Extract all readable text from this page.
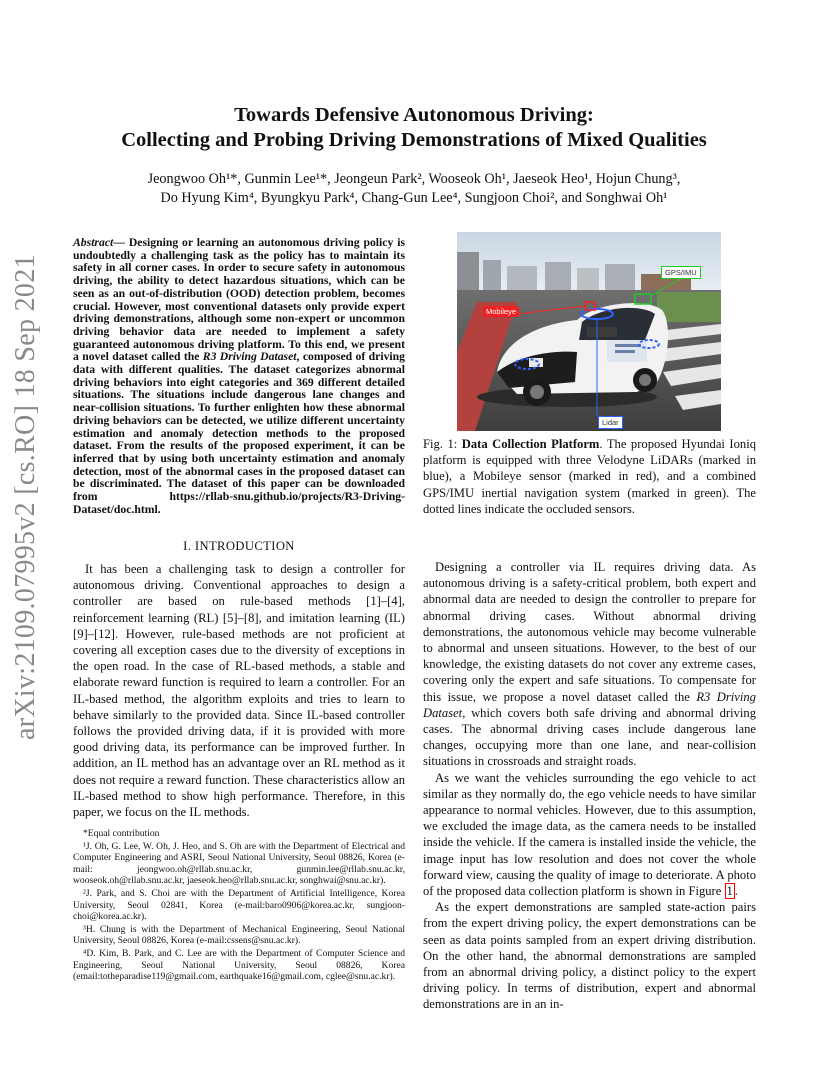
arXiv:2109.07995v2 [cs.RO] 18 Sep 2021
Towards Defensive Autonomous Driving:
Collecting and Probing Driving Demonstrations of Mixed Qualities
Jeongwoo Oh¹*, Gunmin Lee¹*, Jeongeun Park², Wooseok Oh¹, Jaeseok Heo¹, Hojun Chung³,
Do Hyung Kim⁴, Byungkyu Park⁴, Chang-Gun Lee⁴, Sungjoon Choi², and Songhwai Oh¹
Abstract— Designing or learning an autonomous driving policy is undoubtedly a challenging task as the policy has to maintain its safety in all corner cases. In order to secure safety in autonomous driving, the ability to detect hazardous situations, which can be seen as an out-of-distribution (OOD) detection problem, becomes crucial. However, most conventional datasets only provide expert driving demonstrations, although some non-expert or uncommon driving behavior data are needed to implement a safety guaranteed autonomous driving platform. To this end, we present a novel dataset called the R3 Driving Dataset, composed of driving data with different qualities. The dataset categorizes abnormal driving behaviors into eight categories and 369 different detailed situations. The situations include dangerous lane changes and near-collision situations. To further enlighten how these abnormal driving behaviors can be detected, we utilize different uncertainty estimation and anomaly detection methods to the proposed dataset. From the results of the proposed experiment, it can be inferred that by using both uncertainty estimation and anomaly detection, most of the abnormal cases in the proposed dataset can be discriminated. The dataset of this paper can be downloaded from https://rllab-snu.github.io/projects/R3-Driving-Dataset/doc.html.
I. INTRODUCTION

It has been a challenging task to design a controller for autonomous driving. Conventional approaches to design a controller are based on rule-based methods [1]–[4], reinforcement learning (RL) [5]–[8], and imitation learning (IL) [9]–[12]. However, rule-based methods are not proficient at covering all exception cases due to the diversity of exceptions in the open road. In the case of RL-based methods, a stable and elaborate reward function is required to learn a controller. For an IL-based method, the algorithm exploits and tries to learn to behave similarly to the provided data. Since IL-based controller follows the provided driving data, if it is provided with more good driving data, its performance can be improved further. In addition, an IL method has an advantage over an RL method as it does not require a reward function. These characteristics allow an IL-based method to show high performance. Therefore, in this paper, we focus on the IL methods.

*Equal contribution

¹J. Oh, G. Lee, W. Oh, J. Heo, and S. Oh are with the Department of Electrical and Computer Engineering and ASRI, Seoul National University, Seoul 08826, Korea (e-mail: jeongwoo.oh@rllab.snu.ac.kr, gunmin.lee@rllab.snu.ac.kr, wooseok.oh@rllab.snu.ac.kr, jaeseok.heo@rllab.snu.ac.kr, songhwai@snu.ac.kr).

²J. Park, and S. Choi are with the Department of Artificial Intelligence, Korea University, Seoul 02841, Korea (e-mail:baro0906@korea.ac.kr, sungjoon-choi@korea.ac.kr).

³H. Chung is with the Department of Mechanical Engineering, Seoul National University, Seoul 08826, Korea (e-mail:cssens@snu.ac.kr).

⁴D. Kim, B. Park, and C. Lee are with the Department of Computer Science and Engineering, Seoul National University, Seoul 08826, Korea (email:totheparadise119@gmail.com, earthquake16@gmail.com, cglee@snu.ac.kr).

GPS/IMU
Mobileye
Lidar
Fig. 1: Data Collection Platform. The proposed Hyundai Ioniq platform is equipped with three Velodyne LiDARs (marked in blue), a Mobileye sensor (marked in red), and a combined GPS/IMU inertial navigation system (marked in green). The dotted lines indicate the occluded sensors.

Designing a controller via IL requires driving data. As autonomous driving is a safety-critical problem, both expert and abnormal data are needed to design the controller to prepare for abnormal driving cases. Without abnormal driving demonstrations, the autonomous vehicle may become vulnerable to abnormal and unseen situations. However, to the best of our knowledge, the existing datasets do not cover any extreme cases, covering only the expert and safe situations. To compensate for this issue, we propose a novel dataset called the R3 Driving Dataset, which covers both safe driving and abnormal driving cases. The abnormal driving cases include dangerous lane changes, occupying more than one lane, and near-collision situations in crossroads and straight roads.

As we want the vehicles surrounding the ego vehicle to act similar as they normally do, the ego vehicle needs to have similar appearance to normal vehicles. However, due to this assumption, we excluded the image data, as the camera needs to be installed inside the vehicle. If the camera is installed inside the vehicle, the image input has low resolution and does not cover the whole forward view, causing the quality of image to deteriorate. A photo of the proposed data collection platform is shown in Figure 1 .

As the expert demonstrations are sampled state-action pairs from the expert driving policy, the expert demonstrations can be seen as data points sampled from an expert driving distribution. On the other hand, the abnormal demonstrations are sampled from an abnormal driving policy, a distinct policy to the expert driving policy. In terms of distribution, expert and abnormal demonstrations are in an in-
